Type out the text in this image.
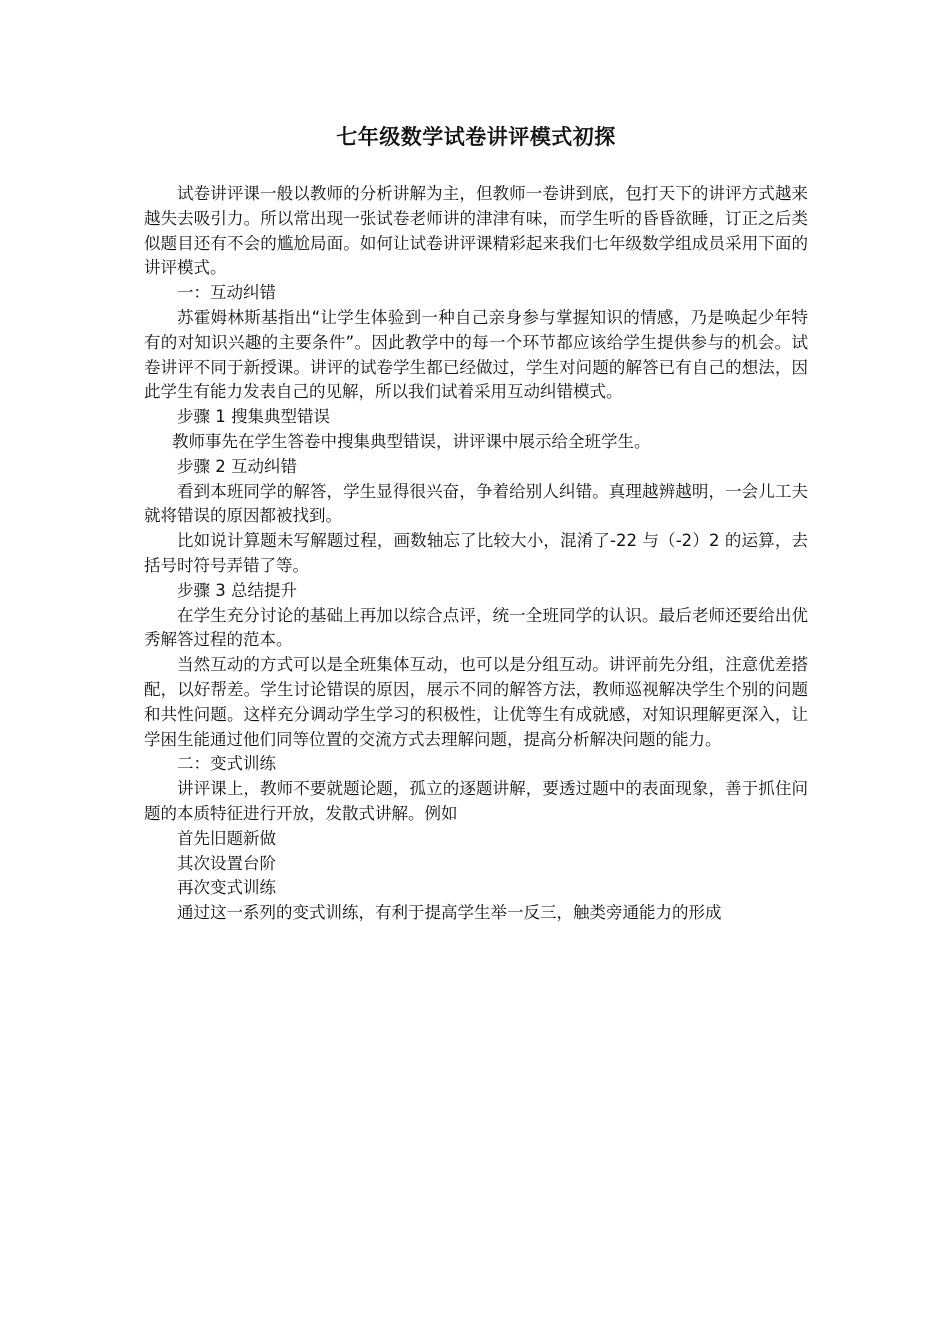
七年级数学试卷讲评模式初探

试卷讲评课一般以教师的分析讲解为主，但教师一卷讲到底，包打天下的讲评方式越来越失去吸引力。所以常出现一张试卷老师讲的津津有味，而学生听的昏昏欲睡，订正之后类似题目还有不会的尴尬局面。如何让试卷讲评课精彩起来我们七年级数学组成员采用下面的讲评模式。

一：互动纠错

苏霍姆林斯基指出“让学生体验到一种自己亲身参与掌握知识的情感，乃是唤起少年特有的对知识兴趣的主要条件”。因此教学中的每一个环节都应该给学生提供参与的机会。试卷讲评不同于新授课。讲评的试卷学生都已经做过，学生对问题的解答已有自己的想法，因此学生有能力发表自己的见解，所以我们试着采用互动纠错模式。

步骤 1 搜集典型错误

教师事先在学生答卷中搜集典型错误，讲评课中展示给全班学生。

步骤 2 互动纠错

看到本班同学的解答，学生显得很兴奋，争着给别人纠错。真理越辨越明，一会儿工夫就将错误的原因都被找到。

比如说计算题未写解题过程，画数轴忘了比较大小，混淆了-22 与（-2）2 的运算，去括号时符号弄错了等。

步骤 3 总结提升

在学生充分讨论的基础上再加以综合点评，统一全班同学的认识。最后老师还要给出优秀解答过程的范本。

当然互动的方式可以是全班集体互动，也可以是分组互动。讲评前先分组，注意优差搭配，以好帮差。学生讨论错误的原因，展示不同的解答方法，教师巡视解决学生个别的问题和共性问题。这样充分调动学生学习的积极性，让优等生有成就感，对知识理解更深入，让学困生能通过他们同等位置的交流方式去理解问题，提高分析解决问题的能力。

二：变式训练

讲评课上，教师不要就题论题，孤立的逐题讲解，要透过题中的表面现象，善于抓住问题的本质特征进行开放，发散式讲解。例如

首先旧题新做

其次设置台阶

再次变式训练

通过这一系列的变式训练，有利于提高学生举一反三，触类旁通能力的形成
